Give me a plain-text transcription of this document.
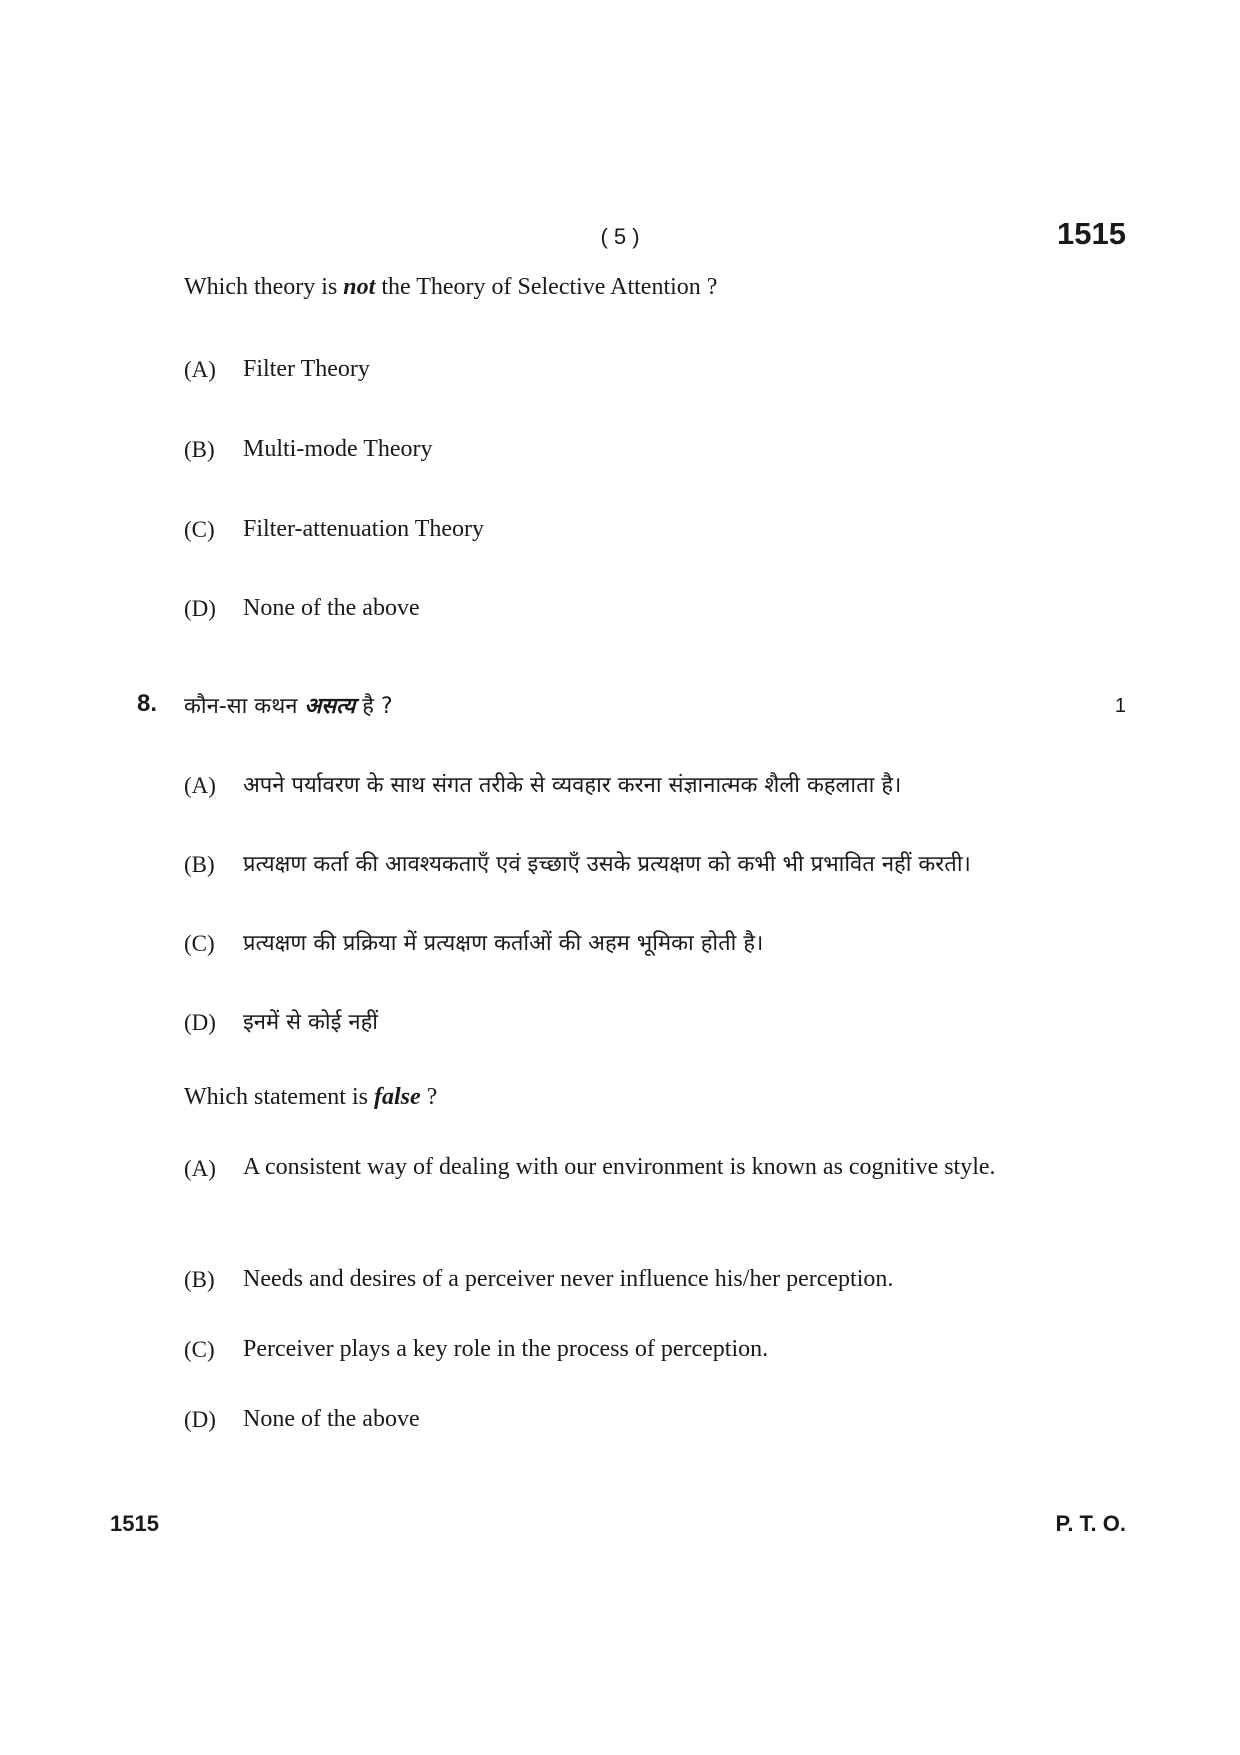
( 5 )	1515
Which theory is not the Theory of Selective Attention ?
(A) Filter Theory
(B) Multi-mode Theory
(C) Filter-attenuation Theory
(D) None of the above
8. कौन-सा कथन असत्य है ?	1
(A) अपने पर्यावरण के साथ संगत तरीके से व्यवहार करना संज्ञानात्मक शैली कहलाता है।
(B) प्रत्यक्षण कर्ता की आवश्यकताएँ एवं इच्छाएँ उसके प्रत्यक्षण को कभी भी प्रभावित नहीं करती।
(C) प्रत्यक्षण की प्रक्रिया में प्रत्यक्षण कर्ताओं की अहम भूमिका होती है।
(D) इनमें से कोई नहीं
Which statement is false ?
(A) A consistent way of dealing with our environment is known as cognitive style.
(B) Needs and desires of a perceiver never influence his/her perception.
(C) Perceiver plays a key role in the process of perception.
(D) None of the above
1515	P. T. O.
